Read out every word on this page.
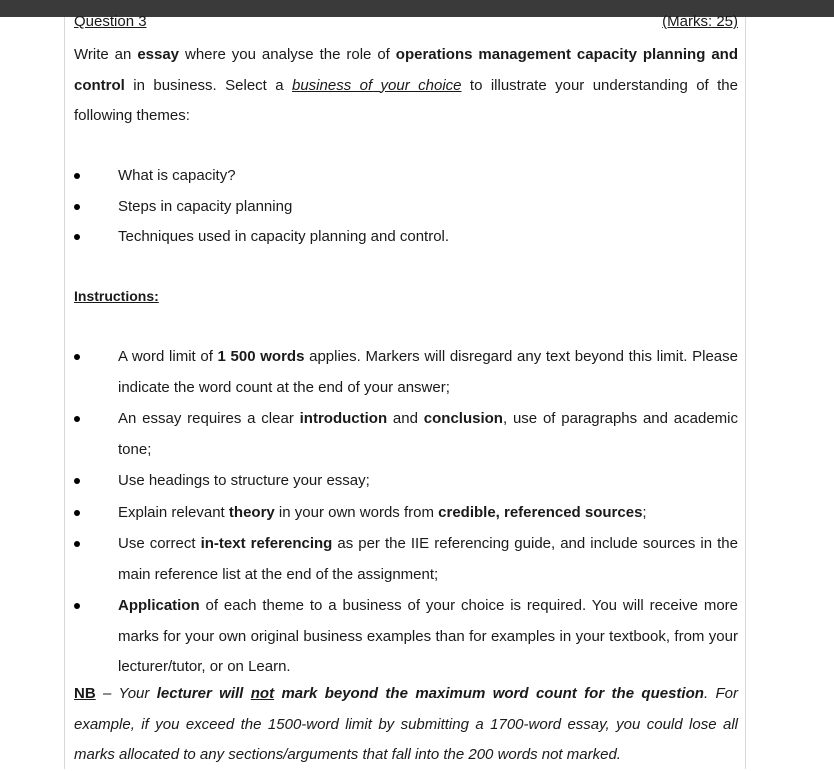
Question 3	(Marks: 25)
Write an essay where you analyse the role of operations management capacity planning and control in business. Select a business of your choice to illustrate your understanding of the following themes:
What is capacity?
Steps in capacity planning
Techniques used in capacity planning and control.
Instructions:
A word limit of 1 500 words applies. Markers will disregard any text beyond this limit. Please indicate the word count at the end of your answer;
An essay requires a clear introduction and conclusion, use of paragraphs and academic tone;
Use headings to structure your essay;
Explain relevant theory in your own words from credible, referenced sources;
Use correct in-text referencing as per the IIE referencing guide, and include sources in the main reference list at the end of the assignment;
Application of each theme to a business of your choice is required. You will receive more marks for your own original business examples than for examples in your textbook, from your lecturer/tutor, or on Learn.
NB – Your lecturer will not mark beyond the maximum word count for the question. For example, if you exceed the 1500-word limit by submitting a 1700-word essay, you could lose all marks allocated to any sections/arguments that fall into the 200 words not marked.
